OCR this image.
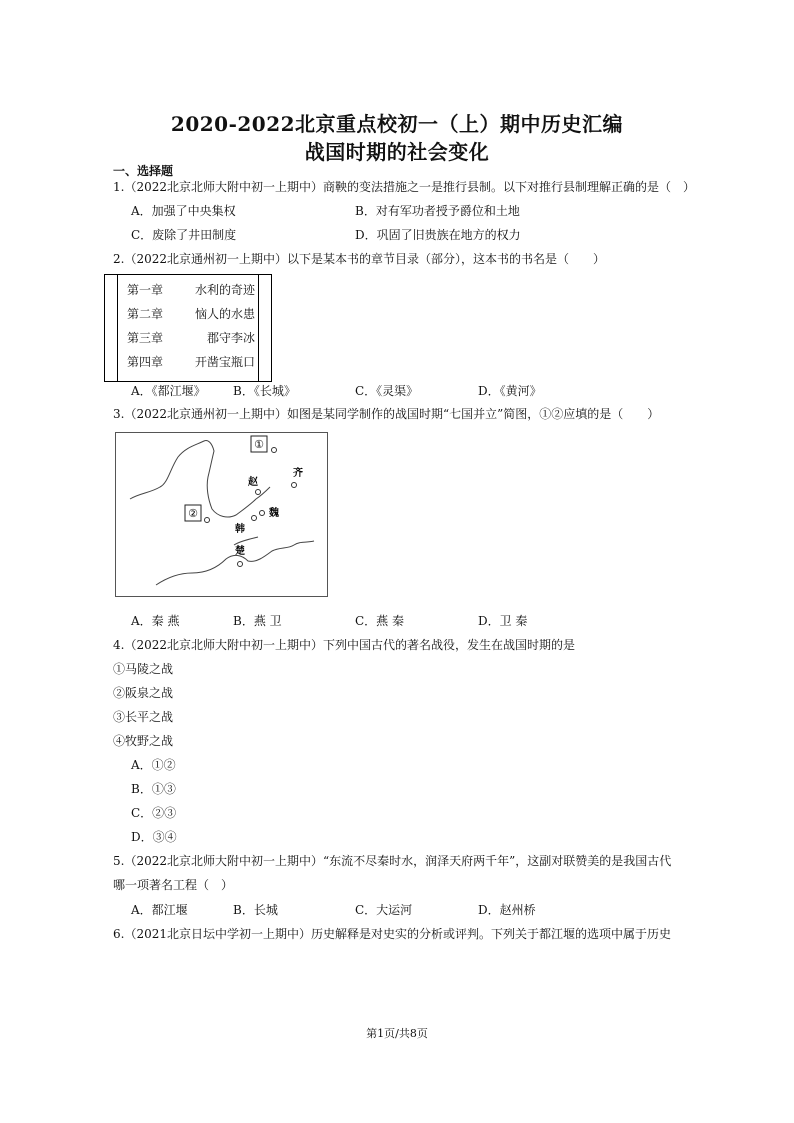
2020-2022北京重点校初一（上）期中历史汇编
战国时期的社会变化
一、选择题
1.（2022北京北师大附中初一上期中）商鞅的变法措施之一是推行县制。以下对推行县制理解正确的是（　）
A．加强了中央集权	B．对有军功者授予爵位和土地
C．废除了井田制度	D．巩固了旧贵族在地方的权力
2.（2022北京通州初一上期中）以下是某本书的章节目录（部分），这本书的书名是（　　）
第一章	水利的奇迹
第二章	恼人的水患
第三章	郡守李冰
第四章	开凿宝瓶口
A．《都江堰》 B．《长城》	C．《灵渠》	D．《黄河》
3.（2022北京通州初一上期中）如图是某同学制作的战国时期“七国并立”简图，①②应填的是（　　）
①
齐
赵
②	魏
韩
楚
A．秦 燕	B．燕 卫	C．燕 秦	D．卫 秦
4.（2022北京北师大附中初一上期中）下列中国古代的著名战役，发生在战国时期的是
①马陵之战
②阪泉之战
③长平之战
④牧野之战
A．①②
B．①③
C．②③
D．③④
5.（2022北京北师大附中初一上期中）“东流不尽秦时水，润泽天府两千年”，这副对联赞美的是我国古代
哪一项著名工程（　）
A．都江堰	B．长城	C．大运河	D．赵州桥
6.（2021北京日坛中学初一上期中）历史解释是对史实的分析或评判。下列关于都江堰的选项中属于历史
第1页/共8页
